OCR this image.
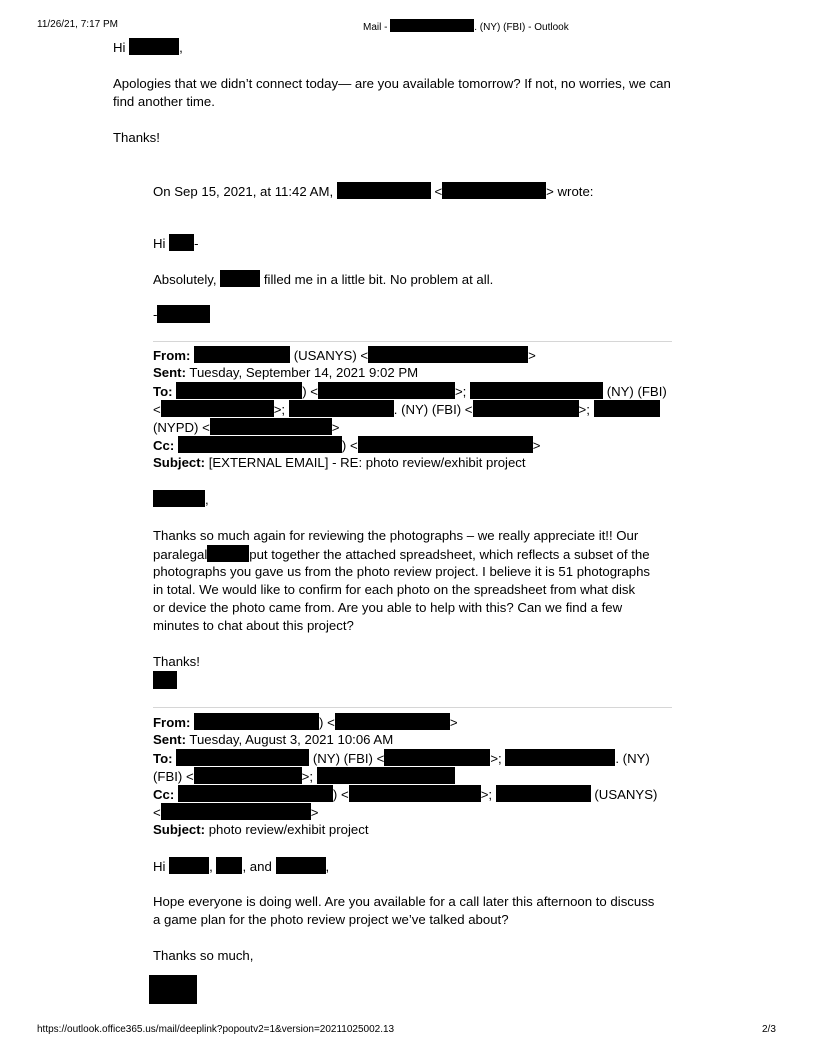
11/26/21, 7:17 PM	Mail -	. (NY) (FBI) - Outlook
Hi	,
Apologies that we didn’t connect today— are you available tomorrow? If not, no worries, we can
find another time.
Thanks!
On Sep 15, 2021, at 11:42 AM,	<	> wrote:
Hi -
Absolutely,	filled me in a little bit. No problem at all.
-
From:	(USANYS) <	>
Sent: Tuesday, September 14, 2021 9:02 PM
To:	) <	>;	(NY) (FBI)
<	>;	. (NY) (FBI) <	>;
(NYPD) <	>
Cc:	) <	>
Subject: [EXTERNAL EMAIL] - RE: photo review/exhibit project
,
Thanks so much again for reviewing the photographs – we really appreciate it!! Our
paralegal	put together the attached spreadsheet, which reflects a subset of the
photographs you gave us from the photo review project. I believe it is 51 photographs
in total. We would like to confirm for each photo on the spreadsheet from what disk
or device the photo came from. Are you able to help with this? Can we find a few
minutes to chat about this project?
Thanks!
From:	) <	>
Sent: Tuesday, August 3, 2021 10:06 AM
To:	(NY) (FBI) <	>;	. (NY)
(FBI) <	>;
Cc:	) <	>;	(USANYS)
<	>
Subject: photo review/exhibit project
Hi	, , and	,
Hope everyone is doing well. Are you available for a call later this afternoon to discuss
a game plan for the photo review project we’ve talked about?
Thanks so much,
https://outlook.office365.us/mail/deeplink?popoutv2=1&version=20211025002.13	2/3
